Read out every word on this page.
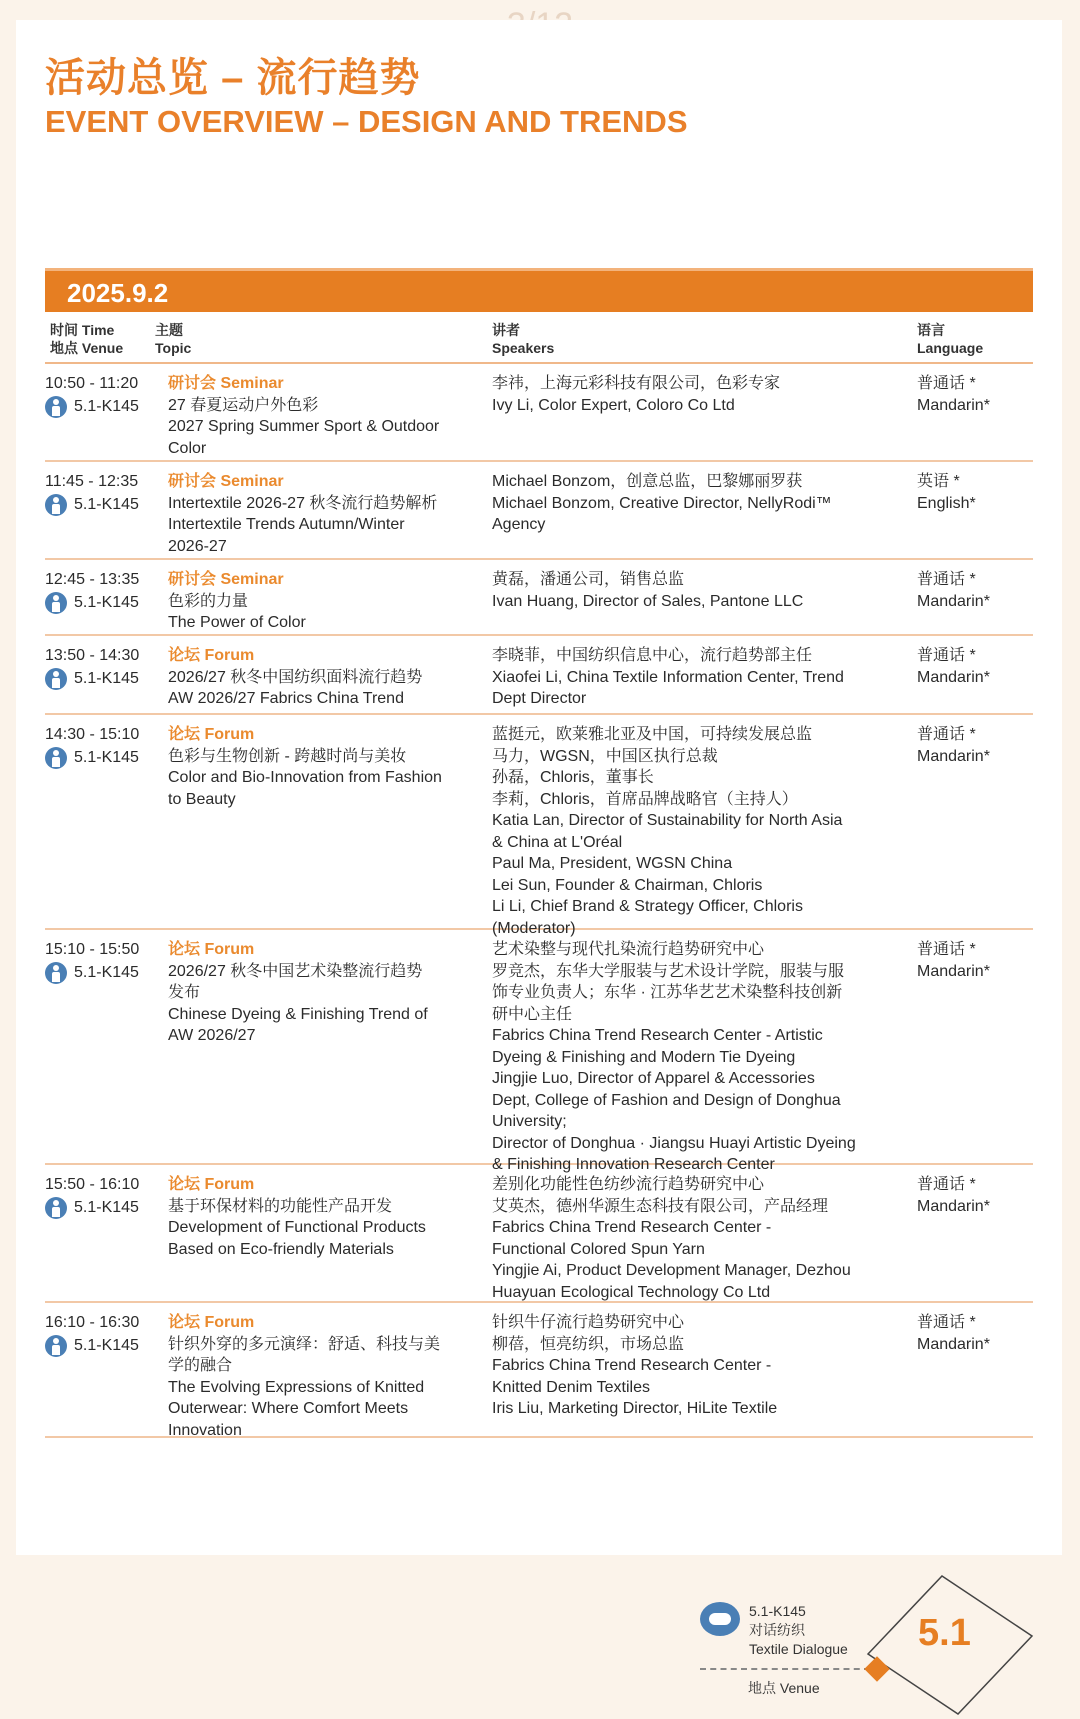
活动总览 – 流行趋势
EVENT OVERVIEW – DESIGN AND TRENDS
2025.9.2
时间 Time
地点 Venue
主题
Topic
讲者
Speakers
语言
Language
10:50 - 11:20
5.1-K145
研讨会 Seminar
27 春夏运动户外色彩
2027 Spring Summer Sport & Outdoor
Color
李祎，上海元彩科技有限公司，色彩专家
Ivy Li, Color Expert, Coloro Co Ltd
普通话 *
Mandarin*
11:45 - 12:35
5.1-K145
研讨会 Seminar
Intertextile 2026-27 秋冬流行趋势解析
Intertextile Trends Autumn/Winter
2026-27
Michael Bonzom，创意总监，巴黎娜丽罗获
Michael Bonzom, Creative Director, NellyRodi™
Agency
英语 *
English*
12:45 - 13:35
5.1-K145
研讨会 Seminar
色彩的力量
The Power of Color
黄磊，潘通公司，销售总监
Ivan Huang, Director of Sales, Pantone LLC
普通话 *
Mandarin*
13:50 - 14:30
5.1-K145
论坛 Forum
2026/27 秋冬中国纺织面料流行趋势
AW 2026/27 Fabrics China Trend
李晓菲，中国纺织信息中心，流行趋势部主任
Xiaofei Li, China Textile Information Center, Trend
Dept Director
普通话 *
Mandarin*
14:30 - 15:10
5.1-K145
论坛 Forum
色彩与生物创新 - 跨越时尚与美妆
Color and Bio-Innovation from Fashion
to Beauty
蓝挺元，欧莱雅北亚及中国，可持续发展总监
马力，WGSN，中国区执行总裁
孙磊，Chloris，董事长
李莉，Chloris，首席品牌战略官（主持人）
Katia Lan, Director of Sustainability for North Asia
& China at L'Oréal
Paul Ma, President, WGSN China
Lei Sun, Founder & Chairman, Chloris
Li Li, Chief Brand & Strategy Officer, Chloris
(Moderator)
普通话 *
Mandarin*
15:10 - 15:50
5.1-K145
论坛 Forum
2026/27 秋冬中国艺术染整流行趋势
发布
Chinese Dyeing & Finishing Trend of
AW 2026/27
艺术染整与现代扎染流行趋势研究中心
罗竞杰，东华大学服装与艺术设计学院，服装与服
饰专业负责人；东华 · 江苏华艺艺术染整科技创新
研中心主任
Fabrics China Trend Research Center - Artistic
Dyeing & Finishing and Modern Tie Dyeing
Jingjie Luo, Director of Apparel & Accessories
Dept, College of Fashion and Design of Donghua
University;
Director of Donghua · Jiangsu Huayi Artistic Dyeing
& Finishing Innovation Research Center
普通话 *
Mandarin*
15:50 - 16:10
5.1-K145
论坛 Forum
基于环保材料的功能性产品开发
Development of Functional Products
Based on Eco-friendly Materials
差别化功能性色纺纱流行趋势研究中心
艾英杰，德州华源生态科技有限公司，产品经理
Fabrics China Trend Research Center -
Functional Colored Spun Yarn
Yingjie Ai, Product Development Manager, Dezhou
Huayuan Ecological Technology Co Ltd
普通话 *
Mandarin*
16:10 - 16:30
5.1-K145
论坛 Forum
针织外穿的多元演绎：舒适、科技与美
学的融合
The Evolving Expressions of Knitted
Outerwear: Where Comfort Meets
Innovation
针织牛仔流行趋势研究中心
柳蓓，恒亮纺织，市场总监
Fabrics China Trend Research Center -
Knitted Denim Textiles
Iris Liu, Marketing Director, HiLite Textile
普通话 *
Mandarin*
5.1-K145
对话纺织
Textile Dialogue
地点 Venue
5.1
